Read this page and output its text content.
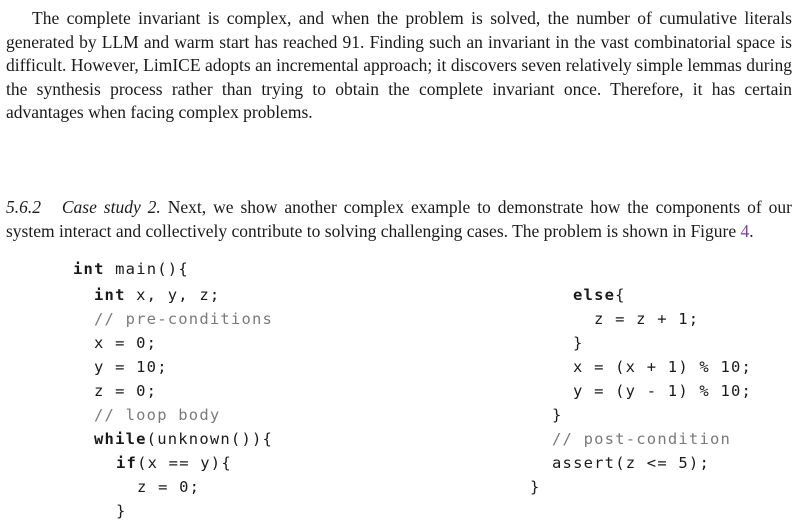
The complete invariant is complex, and when the problem is solved, the number of cumulative literals generated by LLM and warm start has reached 91. Finding such an invariant in the vast combinatorial space is difficult. However, LimICE adopts an incremental approach; it discovers seven relatively simple lemmas during the synthesis process rather than trying to obtain the complete invariant once. Therefore, it has certain advantages when facing complex problems.

5.6.2 Case study 2. Next, we show another complex example to demonstrate how the components of our system interact and collectively contribute to solving challenging cases. The problem is shown in Figure 4.

int main(){
int x, y, z;
// pre-conditions
x = 0;
y = 10;
z = 0;
// loop body
while(unknown()){
if(x == y){
z = 0;
}
else{
z = z + 1;
}
x = (x + 1) % 10;
y = (y - 1) % 10;
}
// post-condition
assert(z <= 5);
}
